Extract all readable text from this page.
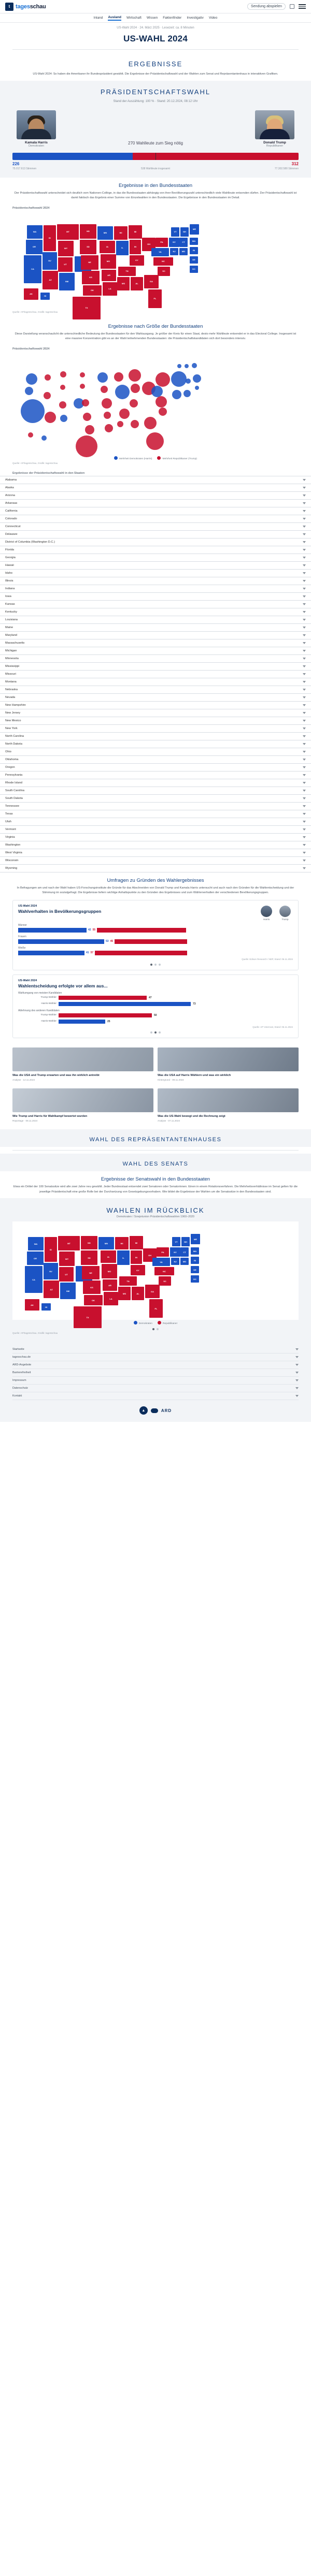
t tagesschau	Sendung abspielen
Inland Ausland Wirtschaft Wissen Faktenfinder Investigativ Video
US-Wahl 2024 · 24. März 2025 · Lesezeit: ca. 8 Minuten
US-WAHL 2024
ERGEBNISSE

US-Wahl 2024: So haben die Amerikaner ihr Bundespräsident gewählt. Die Ergebnisse der Präsidentschaftswahl und der Wahlen zum Senat und Repräsentantenhaus in interaktiven Grafiken.

PRÄSIDENTSCHAFTSWAHL
Stand der Auszählung: 100 % · Stand: 20.12.2024, 08:12 Uhr
Kamala Harris
Demokraten
270 Wahlleute zum Sieg nötig	Donald Trump
Republikaner
226	312
75.017.613 Stimmen	538 Wahlleute insgesamt	77.302.580 Stimmen
Ergebnisse in den Bundesstaaten

Der Präsidentschaftswahl unterscheidet sich deutlich vom Nationen-Collège, in das die Bundesstaaten abhängig von ihrer Bevölkerungszahl unterschiedlich viele Wahlleute entsenden dürfen. Der Präsidentschaftswahl ist damit faktisch das Ergebnis einer Summe von Einzelwahlen in den Bundesstaaten. Die Ergebnisse in den Bundesstaaten im Detail.

Präsidentschaftswahl 2024
WA
OR
CA
NV
ID
MT
WY
UT
AZ
NM
ND
SD
NE
KS
OK
TX
MN
IA
MO
AR
LA
WI
IL	IN
MI
OH
KY
TN
MS	AL
GA
FL
SC
NC
VA
PA	NY
NJ	MD
CT
VT	NH
ME
MA
RI
DE
DC
AK
HI
Quelle: AP/tagesschau, Grafik: tagesschau
Ergebnisse nach Größe der Bundesstaaten

Diese Darstellung veranschaulicht die unterschiedliche Bedeutung der Bundesstaaten für den Wahlausgang. Je größer der Kreis für einen Staat, desto mehr Wahlleute entsendet er in das Electoral College. Insgesamt ist eine massive Konzentration gibt es an der Wahl teilnehmenden Bundesstaaten: die Präsidentschaftskandidaten sich dort besonders intensiv.

Präsidentschaftswahl 2024
Mehrheit Demokraten (Harris)	Mehrheit Republikaner (Trump)
Quelle: AP/tagesschau, Grafik: tagesschau
Ergebnisse der Präsidentschaftswahl in den Staaten
Alabama
Alaska
Arizona
Arkansas
California
Colorado
Connecticut
Delaware
District of Columbia (Washington D.C.)
Florida
Georgia
Hawaii
Idaho
Illinois
Indiana
Iowa
Kansas
Kentucky
Louisiana
Maine
Maryland
Massachusetts
Michigan
Minnesota
Mississippi
Missouri
Montana
Nebraska
Nevada
New Hampshire
New Jersey
New Mexico
New York
North Carolina
North Dakota
Ohio
Oklahoma
Oregon
Pennsylvania
Rhode Island
South Carolina
South Dakota
Tennessee
Texas
Utah
Vermont
Virginia
Washington
West Virginia
Wisconsin
Wyoming
Umfragen zu Gründen des Wahlergebnisses

In Befragungen am und nach der Wahl haben US-Forschungsinstitute die Gründe für das Abschneiden von Donald Trump und Kamala Harris untersucht und auch nach den Gründen für die Wahlentscheidung und der Stimmung im sozialgefragt. Die Ergebnisse liefern wichtige Anhaltspunkte zu den Gründen des Ergebnisses und zum Wählerverhalten der verschiedenen Bevölkerungsgruppen.

US-Wahl 2024
Wahlverhalten in Bevölkerungsgruppen
Harris	Trump
Männer
42 55
Frauen
53 45
Weiße
41 57
Quelle: Edison Research / NEP, Stand: 06.11.2024
US-Wahl 2024
Wahlentscheidung erfolgte vor allem aus...
Wahlumgang von meisten Kandidaten
Trump-Wähler	47
Harris-Wähler	73
Ablehnung des anderen Kandidaten
Trump-Wähler	50
Harris-Wähler	25
Quelle: AP VoteCast, Stand: 06.11.2024
Was die USA und Trump erwarten und was ihn wirklich antreibt
Analyse · 12.11.2024
Was die USA auf Harris Wählern und was ein wirklich
Hintergrund · 09.11.2024
Wie Trump und Harris für Wahlkampf bewertet wurden
Reportage · 08.11.2024
Was die US-Wahl bewegt und die Rechnung zeigt
Analyse · 07.11.2024
WAHL DES REPRÄSENTANTENHAUSES
WAHL DES SENATS
Ergebnisse der Senatswahl in den Bundesstaaten

Etwa ein Drittel der 100 Senatssitze wird alle zwei Jahre neu gewählt. Jeder Bundesstaat entsendet zwei Senatoren oder Senatorinnen. Einen in einem Rotationsverfahren. Die Mehrheitsverhältnisse im Senat gelten für die jeweilige Präsidentschaft eine große Rolle bei der Durchsetzung von Gesetzgebungsvorhaben. Wie bildet die Ergebnisse der Wahlen um die Senatssitze in den Bundesstaaten sind.

WAHLEN IM RÜCKBLICK
Demokraten / Sowjetunion Präsidentschaftswahlen 1960–2020
WA
OR
CA
NV
ID
MT
WY
UT
AZ
NM
ND
SD
NE
KS
OK
TX
MN
IA
MO
AR
LA
WI
IL	IN
MI
OH
KY
TN
MS	AL
GA
FL
SC
NC
VA
PA	NY
NJ	MD
CT
VT	NH
ME
MA
RI
DE
DC
AK
HI
Demokraten	Republikaner
Quelle: AP/tagesschau, Grafik: tagesschau
Startseite
tagesschau.de
ARD-Angebote
Barrierefreiheit
Impressum
Datenschutz
Kontakt
▲	ARD
